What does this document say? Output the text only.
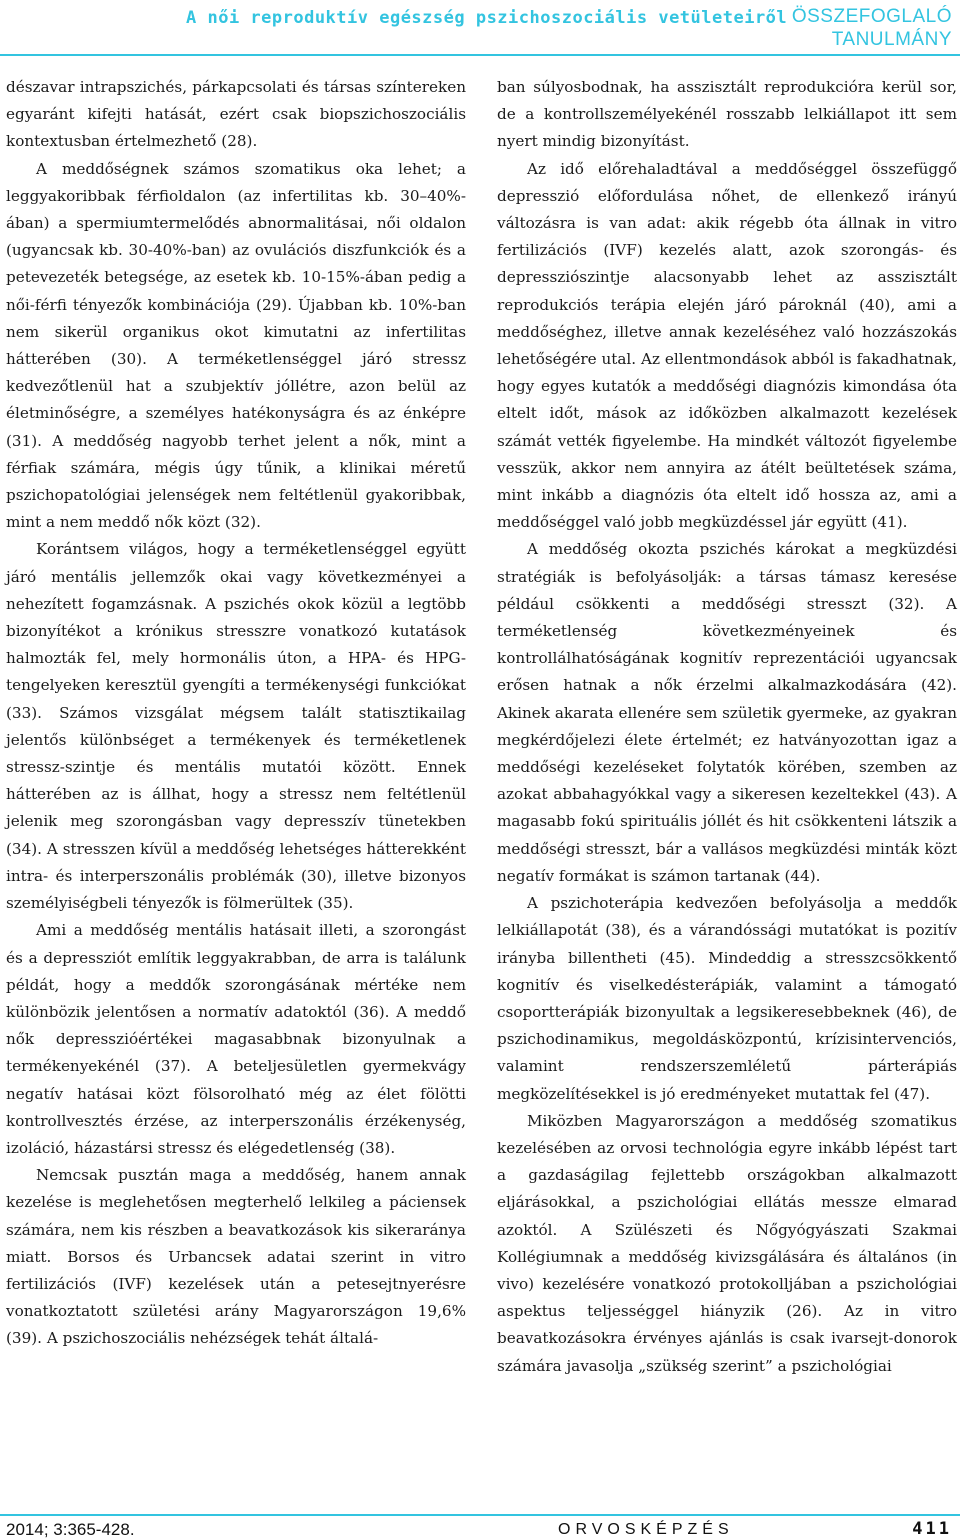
A női reproduktív egészség pszichoszociális vetületeiről ÖSSZEFOGLALÓ
TANULMÁNY

dészavar intrapszichés, párkapcsolati és társas színtereken egyaránt kifejti hatását, ezért csak biopszichoszociális kontextusban értelmezhető (28).

A meddőségnek számos szomatikus oka lehet; a leggyakoribbak férfioldalon (az infertilitas kb. 30–40%-ában) a spermiumtermelődés abnormalitásai, női oldalon (ugyancsak kb. 30-40%-ban) az ovulációs diszfunkciók és a petevezeték betegsége, az esetek kb. 10-15%-ában pedig a női-férfi tényezők kombinációja (29). Újabban kb. 10%-ban nem sikerül organikus okot kimutatni az infertilitas hátterében (30). A terméketlenséggel járó stressz kedvezőtlenül hat a szubjektív jóllétre, azon belül az életminőségre, a személyes hatékonyságra és az énképre (31). A meddőség nagyobb terhet jelent a nők, mint a férfiak számára, mégis úgy tűnik, a klinikai méretű pszichopatológiai jelenségek nem feltétlenül gyakoribbak, mint a nem meddő nők közt (32).

Korántsem világos, hogy a terméketlenséggel együtt járó mentális jellemzők okai vagy következményei a nehezített fogamzásnak. A pszichés okok közül a legtöbb bizonyítékot a krónikus stresszre vonatkozó kutatások halmozták fel, mely hormonális úton, a HPA- és HPG-tengelyeken keresztül gyengíti a termékenységi funkciókat (33). Számos vizsgálat mégsem talált statisztikailag jelentős különbséget a termékenyek és terméketlenek stressz-szintje és mentális mutatói között. Ennek hátterében az is állhat, hogy a stressz nem feltétlenül jelenik meg szorongásban vagy depresszív tünetekben (34). A stresszen kívül a meddőség lehetséges hátterekként intra- és interperszonális problémák (30), illetve bizonyos személyiségbeli tényezők is fölmerültek (35).

Ami a meddőség mentális hatásait illeti, a szorongást és a depressziót említik leggyakrabban, de arra is találunk példát, hogy a meddők szorongásának mértéke nem különbözik jelentősen a normatív adatoktól (36). A meddő nők depresszióértékei magasabbnak bizonyulnak a termékenyekénél (37). A beteljesületlen gyermekvágy negatív hatásai közt fölsorolható még az élet fölötti kontrollvesztés érzése, az interperszonális érzékenység, izoláció, házastársi stressz és elégedetlenség (38).

Nemcsak pusztán maga a meddőség, hanem annak kezelése is meglehetősen megterhelő lelkileg a páciensek számára, nem kis részben a beavatkozások kis sikeraránya miatt. Borsos és Urbancsek adatai szerint in vitro fertilizációs (IVF) kezelések után a petesejtnyerésre vonatkoztatott születési arány Magyarországon 19,6% (39). A pszichoszociális nehézségek tehát általá-

ban súlyosbodnak, ha asszisztált reprodukcióra kerül sor, de a kontrollszemélyekénél rosszabb lelkiállapot itt sem nyert mindig bizonyítást.

Az idő előrehaladtával a meddőséggel összefüggő depresszió előfordulása nőhet, de ellenkező irányú változásra is van adat: akik régebb óta állnak in vitro fertilizációs (IVF) kezelés alatt, azok szorongás- és depressziószintje alacsonyabb lehet az asszisztált reprodukciós terápia elején járó pároknál (40), ami a meddőséghez, illetve annak kezeléséhez való hozzászokás lehetőségére utal. Az ellentmondások abból is fakadhatnak, hogy egyes kutatók a meddőségi diagnózis kimondása óta eltelt időt, mások az időközben alkalmazott kezelések számát vették figyelembe. Ha mindkét változót figyelembe vesszük, akkor nem annyira az átélt beültetések száma, mint inkább a diagnózis óta eltelt idő hossza az, ami a meddőséggel való jobb megküzdéssel jár együtt (41).

A meddőség okozta pszichés károkat a megküzdési stratégiák is befolyásolják: a társas támasz keresése például csökkenti a meddőségi stresszt (32). A terméketlenség következményeinek és kontrollálhatóságának kognitív reprezentációi ugyancsak erősen hatnak a nők érzelmi alkalmazkodására (42). Akinek akarata ellenére sem születik gyermeke, az gyakran megkérdőjelezi élete értelmét; ez hatványozottan igaz a meddőségi kezeléseket folytatók körében, szemben az azokat abbahagyókkal vagy a sikeresen kezeltekkel (43). A magasabb fokú spirituális jóllét és hit csökkenteni látszik a meddőségi stresszt, bár a vallásos megküzdési minták közt negatív formákat is számon tartanak (44).

A pszichoterápia kedvezően befolyásolja a meddők lelkiállapotát (38), és a várandóssági mutatókat is pozitív irányba billentheti (45). Mindeddig a stresszcsökkentő kognitív és viselkedésterápiák, valamint a támogató csoportterápiák bizonyultak a legsikeresebbeknek (46), de pszichodinamikus, megoldásközpontú, krízisintervenciós, valamint rendszerszemléletű párterápiás megközelítésekkel is jó eredményeket mutattak fel (47).

Miközben Magyarországon a meddőség szomatikus kezelésében az orvosi technológia egyre inkább lépést tart a gazdaságilag fejlettebb országokban alkalmazott eljárásokkal, a pszichológiai ellátás messze elmarad azoktól. A Szülészeti és Nőgyógyászati Szakmai Kollégiumnak a meddőség kivizsgálására és általános (in vivo) kezelésére vonatkozó protokolljában a pszichológiai aspektus teljességgel hiányzik (26). Az in vitro beavatkozásokra érvényes ajánlás is csak ivarsejt-donorok számára javasolja „szükség szerint” a pszichológiai

2014; 3:365-428.	ORVOSKÉPZÉS	411
